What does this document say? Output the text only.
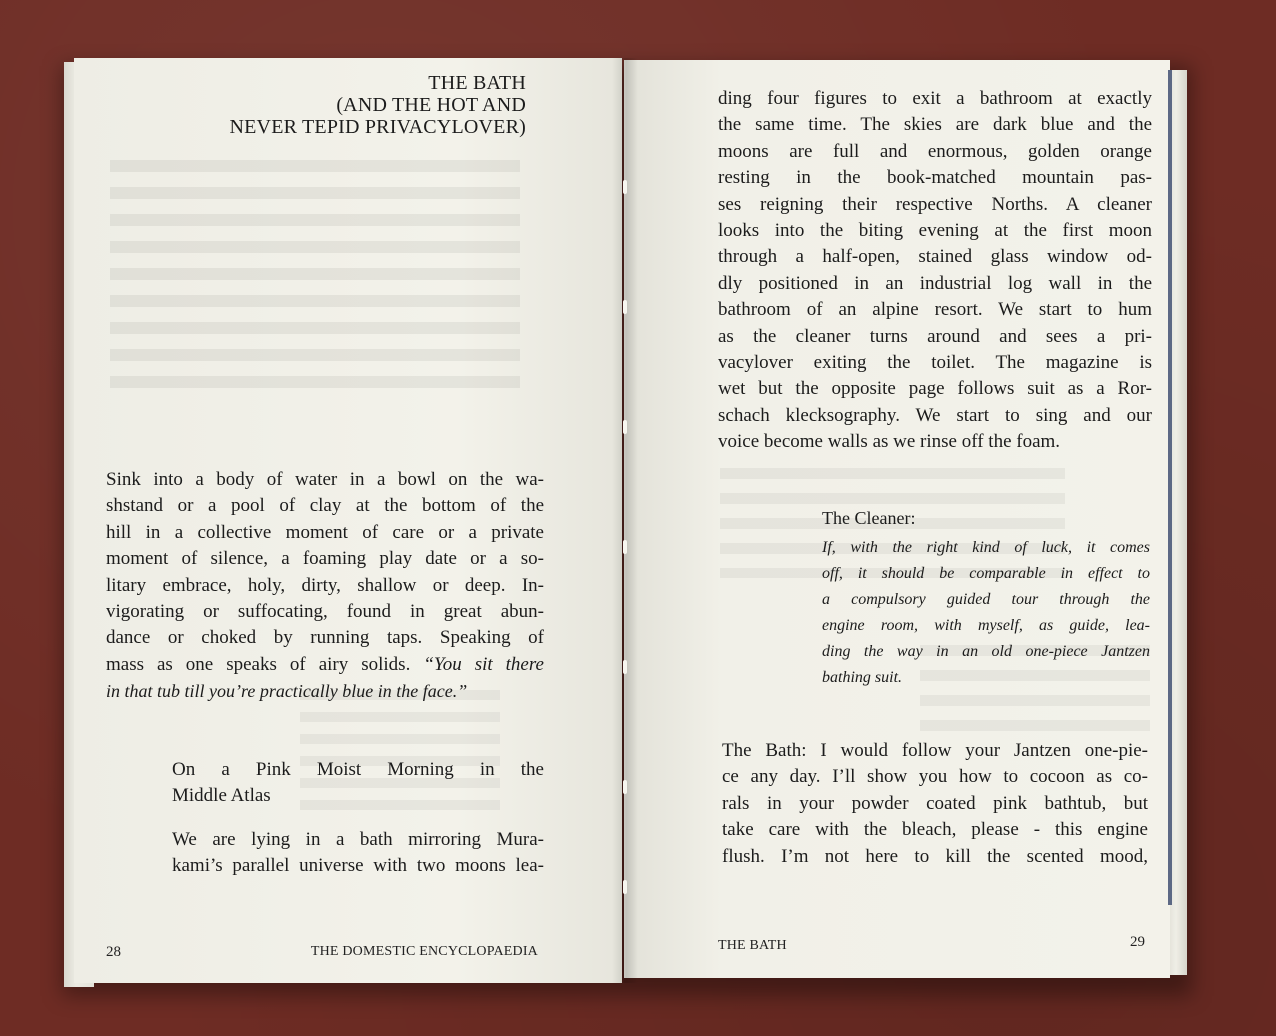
THE BATH
(AND THE HOT AND
NEVER TEPID PRIVACYLOVER)
Sink into a body of water in a bowl on the wa-
shstand or a pool of clay at the bottom of the
hill in a collective moment of care or a private
moment of silence, a foaming play date or a so-
litary embrace, holy, dirty, shallow or deep. In-
vigorating or suffocating, found in great abun-
dance or choked by running taps. Speaking of
mass as one speaks of airy solids. “You sit there
in that tub till you’re practically blue in the face.”
On a Pink Moist Morning in the
Middle Atlas
We are lying in a bath mirroring Mura-
kami’s parallel universe with two moons lea-
28	THE DOMESTIC ENCYCLOPAEDIA
ding four figures to exit a bathroom at exactly
the same time. The skies are dark blue and the
moons are full and enormous, golden orange
resting in the book-matched mountain pas-
ses reigning their respective Norths. A cleaner
looks into the biting evening at the first moon
through a half-open, stained glass window od-
dly positioned in an industrial log wall in the
bathroom of an alpine resort. We start to hum
as the cleaner turns around and sees a pri-
vacylover exiting the toilet. The magazine is
wet but the opposite page follows suit as a Ror-
schach klecksography. We start to sing and our
voice become walls as we rinse off the foam.
The Cleaner:
If, with the right kind of luck, it comes
off, it should be comparable in effect to
a compulsory guided tour through the
engine room, with myself, as guide, lea-
ding the way in an old one-piece Jantzen
bathing suit.
The Bath: I would follow your Jantzen one-pie-
ce any day. I’ll show you how to cocoon as co-
rals in your powder coated pink bathtub, but
take care with the bleach, please - this engine
flush. I’m not here to kill the scented mood,
THE BATH	29
